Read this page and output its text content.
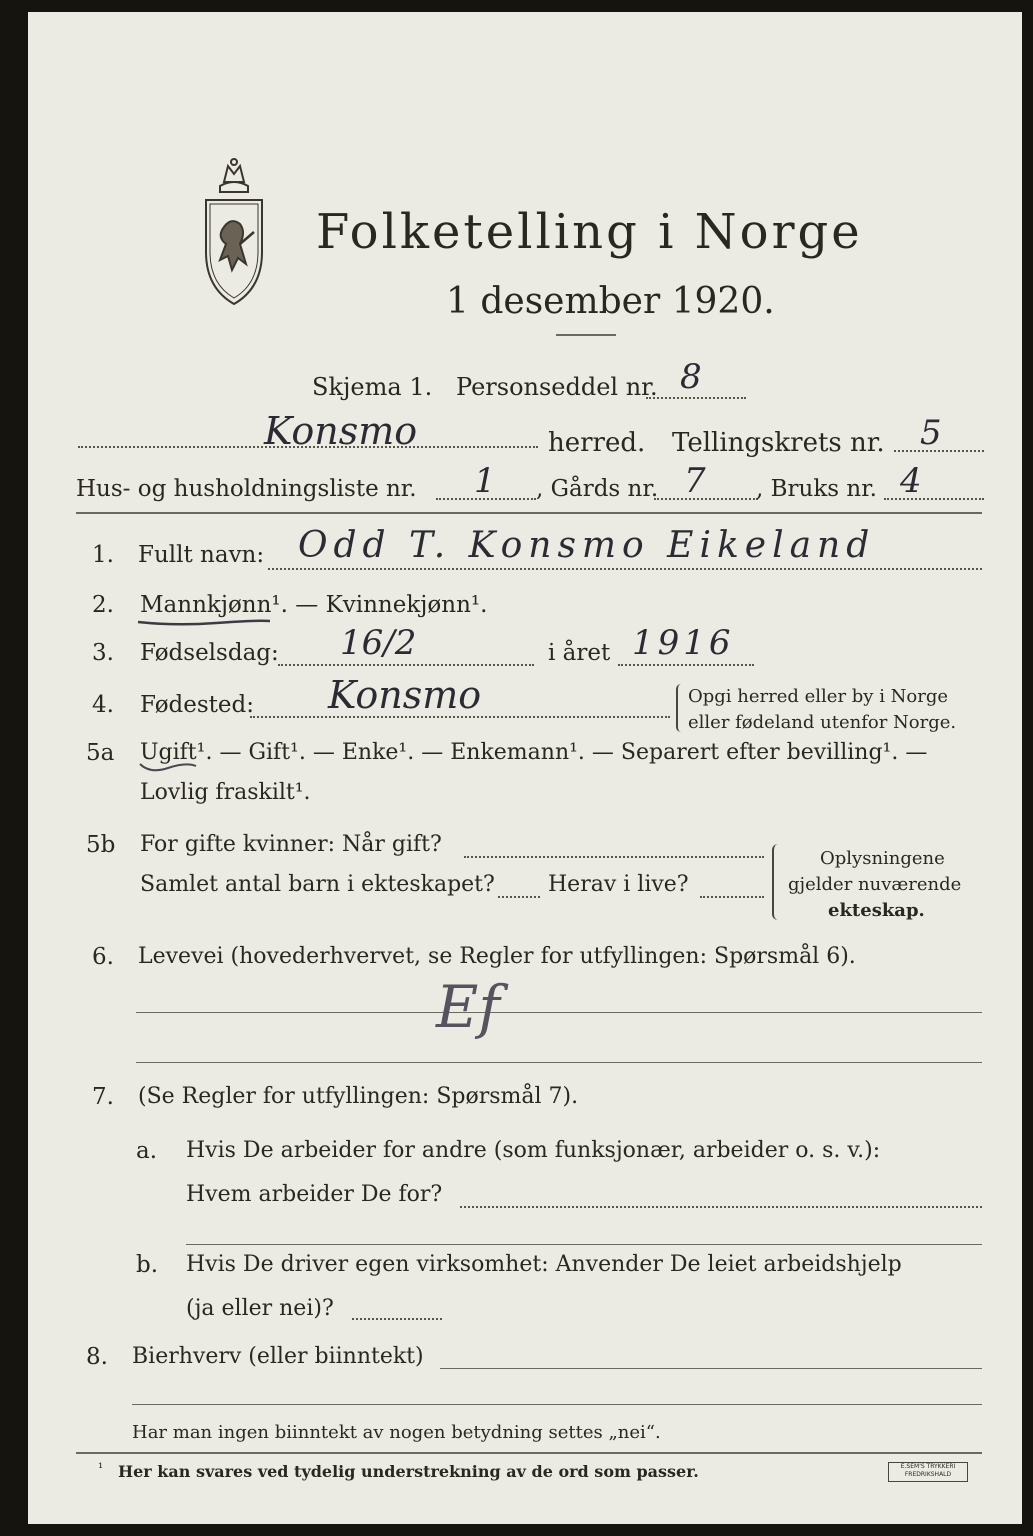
Folketelling i Norge
1 desember 1920.
Skjema 1. Personseddel nr. 8
Konsmo	herred. Tellingskrets nr. 5
Hus- og husholdningsliste nr. 1 , Gårds nr. 7 , Bruks nr. 4
1. Fullt navn: Odd T. Konsmo Eikeland
2. Mannkjønn¹. — Kvinnekjønn¹.
3. Fødselsdag: 16/2	i året 1916
4. Fødested: Konsmo	Opgi herred eller by i Norge
eller fødeland utenfor Norge.
5a Ugift¹. — Gift¹. — Enke¹. — Enkemann¹. — Separert efter bevilling¹. —
Lovlig fraskilt¹.
5b For gifte kvinner: Når gift?
Samlet antal barn i ekteskapet? Herav i live?
Oplysningene
gjelder nuværende
ekteskap.
6. Levevei (hovederhvervet, se Regler for utfyllingen: Spørsmål 6).
Ef
7. (Se Regler for utfyllingen: Spørsmål 7).
a. Hvis De arbeider for andre (som funksjonær, arbeider o. s. v.):
Hvem arbeider De for?
b. Hvis De driver egen virksomhet: Anvender De leiet arbeidshjelp
(ja eller nei)?
8. Bierhverv (eller biinntekt)
Har man ingen biinntekt av nogen betydning settes „nei“.
¹ Her kan svares ved tydelig understrekning av de ord som passer.	E.SEM'S TRYKKERI
FREDRIKSHALD
